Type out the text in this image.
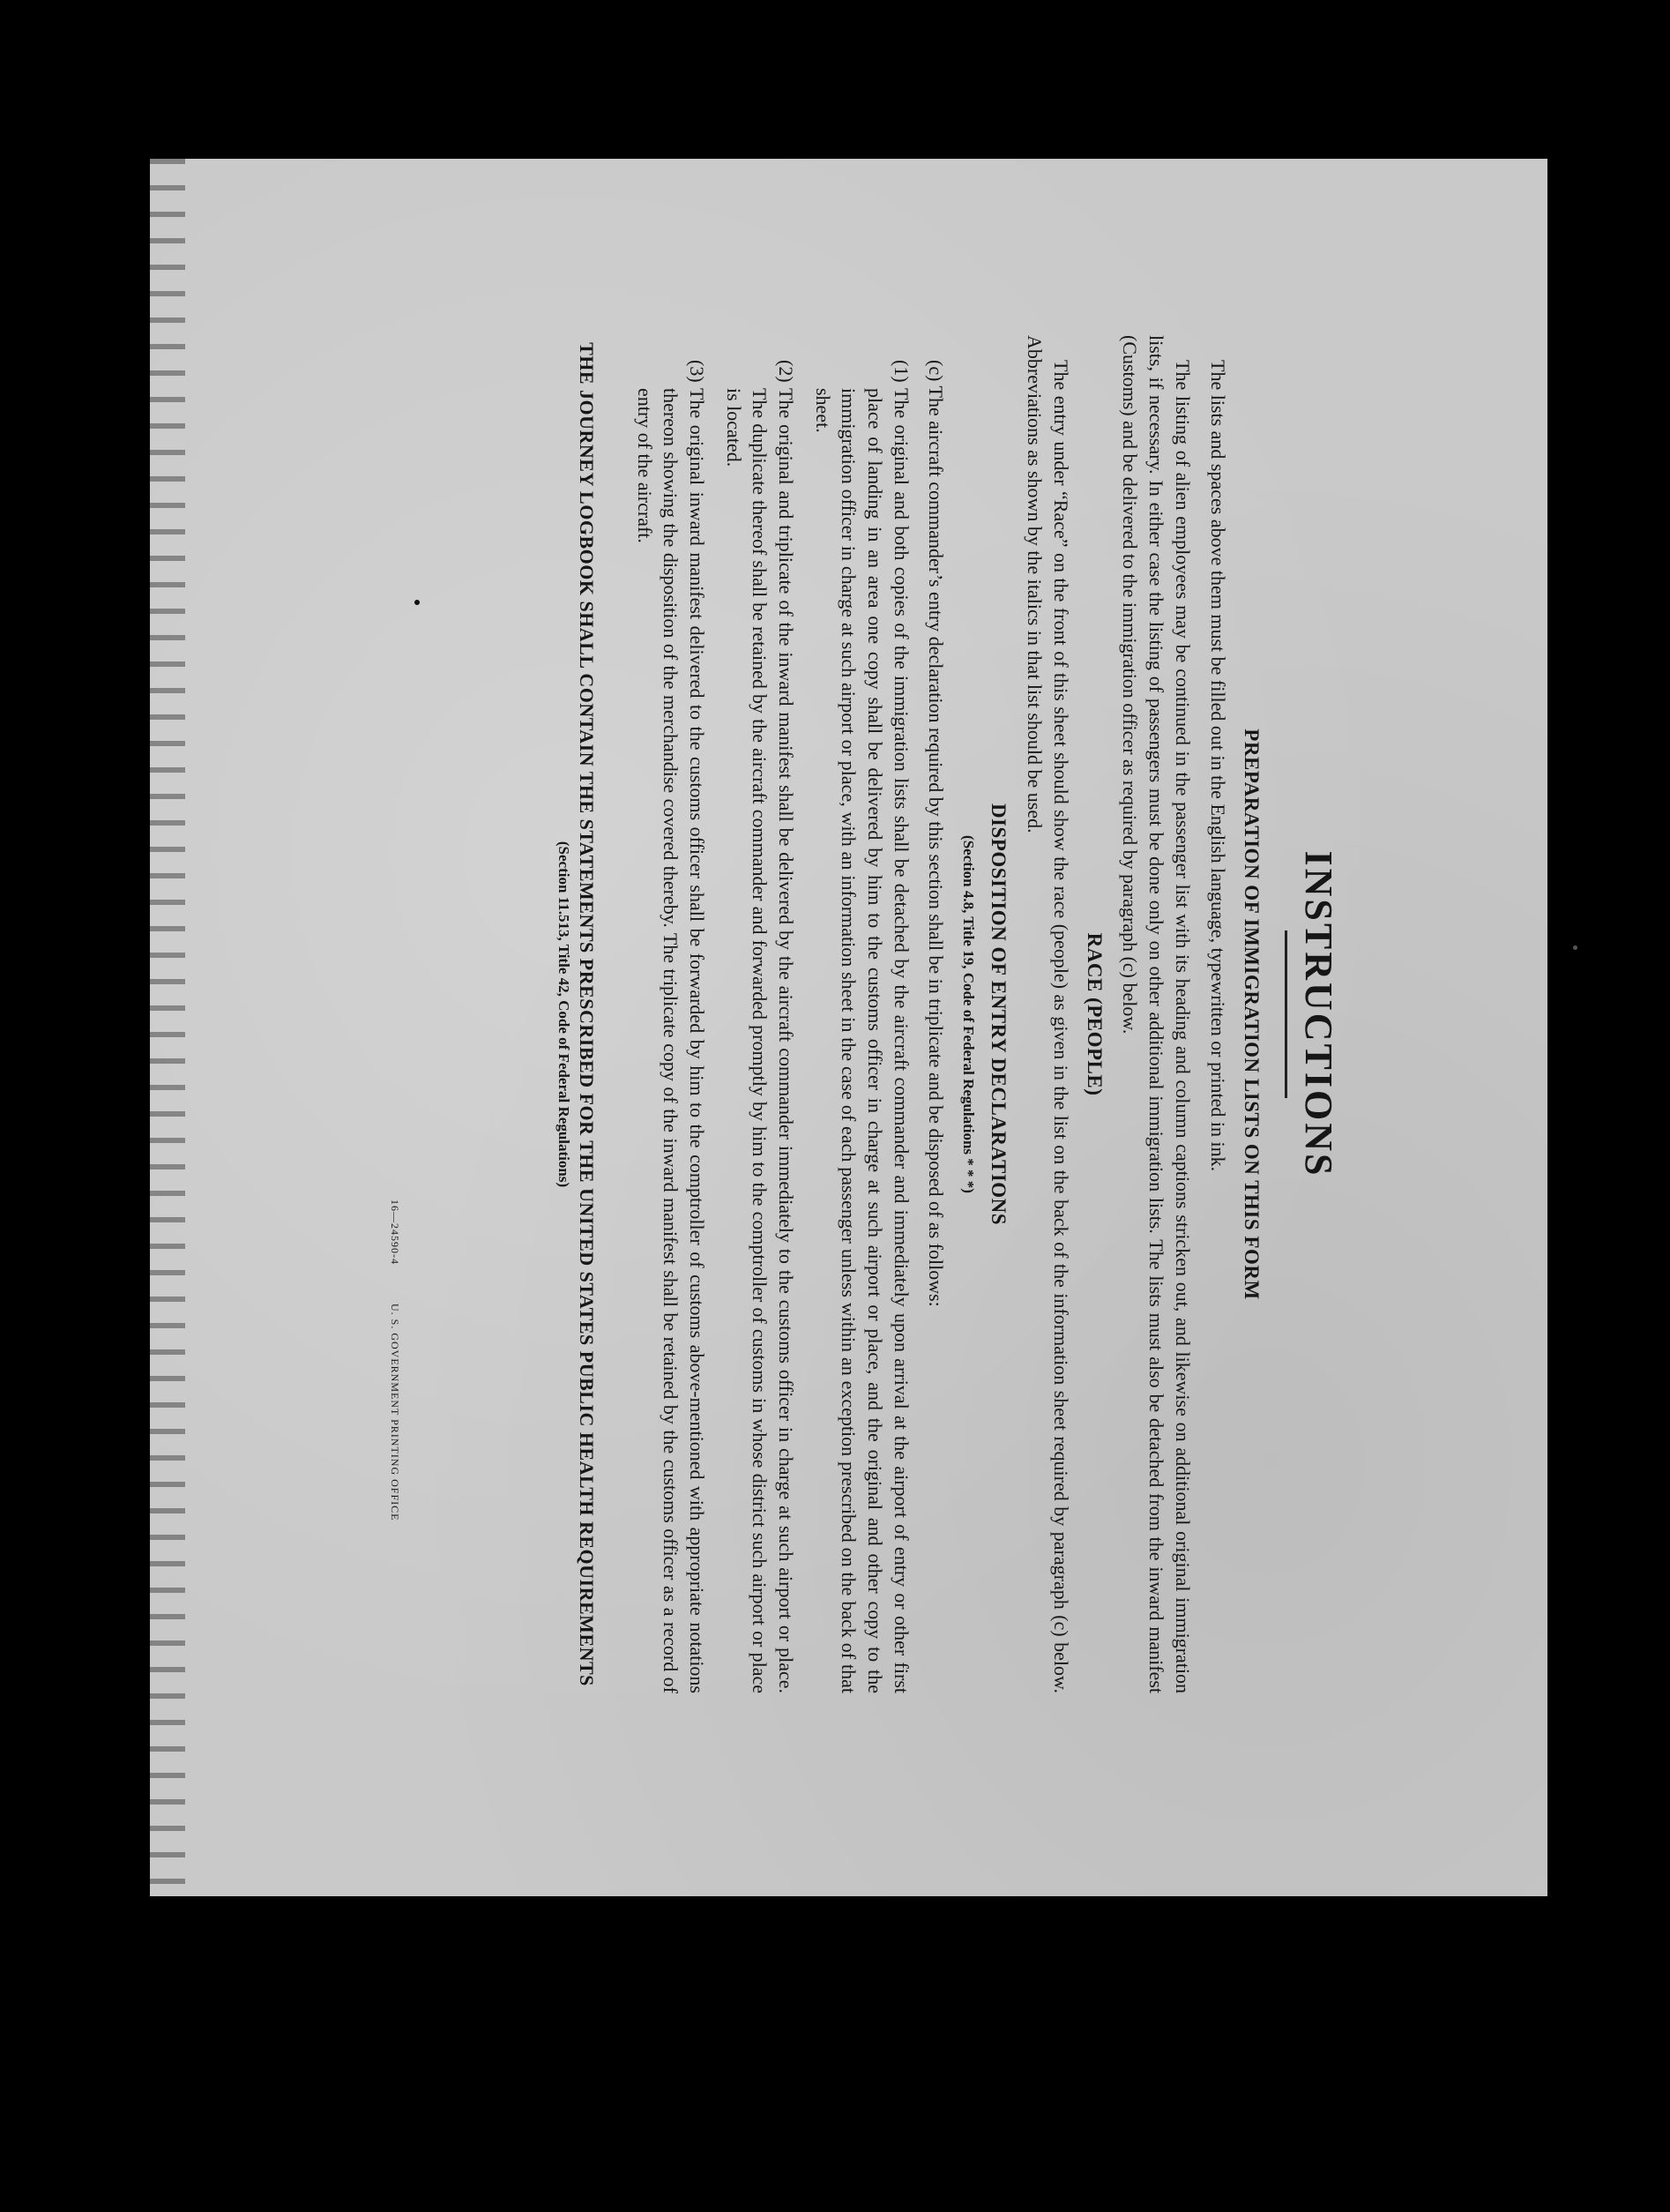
INSTRUCTIONS
PREPARATION OF IMMIGRATION LISTS ON THIS FORM

The lists and spaces above them must be filled out in the English language, typewritten or printed in ink.

The listing of alien employees may be continued in the passenger list with its heading and column captions stricken out, and likewise on additional original immigration lists, if necessary. In either case the listing of passengers must be done only on other additional immigration lists. The lists must also be detached from the inward manifest (Customs) and be delivered to the immigration officer as required by paragraph (c) below.

RACE (PEOPLE)

The entry under “Race” on the front of this sheet should show the race (people) as given in the list on the back of the information sheet required by paragraph (c) below. Abbreviations as shown by the italics in that list should be used.

DISPOSITION OF ENTRY DECLARATIONS
(Section 4.8, Title 19, Code of Federal Regulations * * *)

(c) The aircraft commander’s entry declaration required by this section shall be in triplicate and be disposed of as follows:

(1)The original and both copies of the immigration lists shall be detached by the aircraft commander and immediately upon arrival at the airport of entry or other first place of landing in an area one copy shall be delivered by him to the customs officer in charge at such airport or place, and the original and other copy to the immigration officer in charge at such airport or place, with an information sheet in the case of each passenger unless within an exception prescribed on the back of that sheet.
(2)The original and triplicate of the inward manifest shall be delivered by the aircraft commander immediately to the customs officer in charge at such airport or place. The duplicate thereof shall be retained by the aircraft commander and forwarded promptly by him to the comptroller of customs in whose district such airport or place is located.
(3)The original inward manifest delivered to the customs officer shall be forwarded by him to the comptroller of customs above-mentioned with appropriate notations thereon showing the disposition of the merchandise covered thereby. The triplicate copy of the inward manifest shall be retained by the customs officer as a record of entry of the aircraft.
THE JOURNEY LOGBOOK SHALL CONTAIN THE STATEMENTS PRESCRIBED FOR THE UNITED STATES PUBLIC HEALTH REQUIREMENTS
(Section 11.513, Title 42, Code of Federal Regulations)
16—24590-4 U. S. GOVERNMENT PRINTING OFFICE
